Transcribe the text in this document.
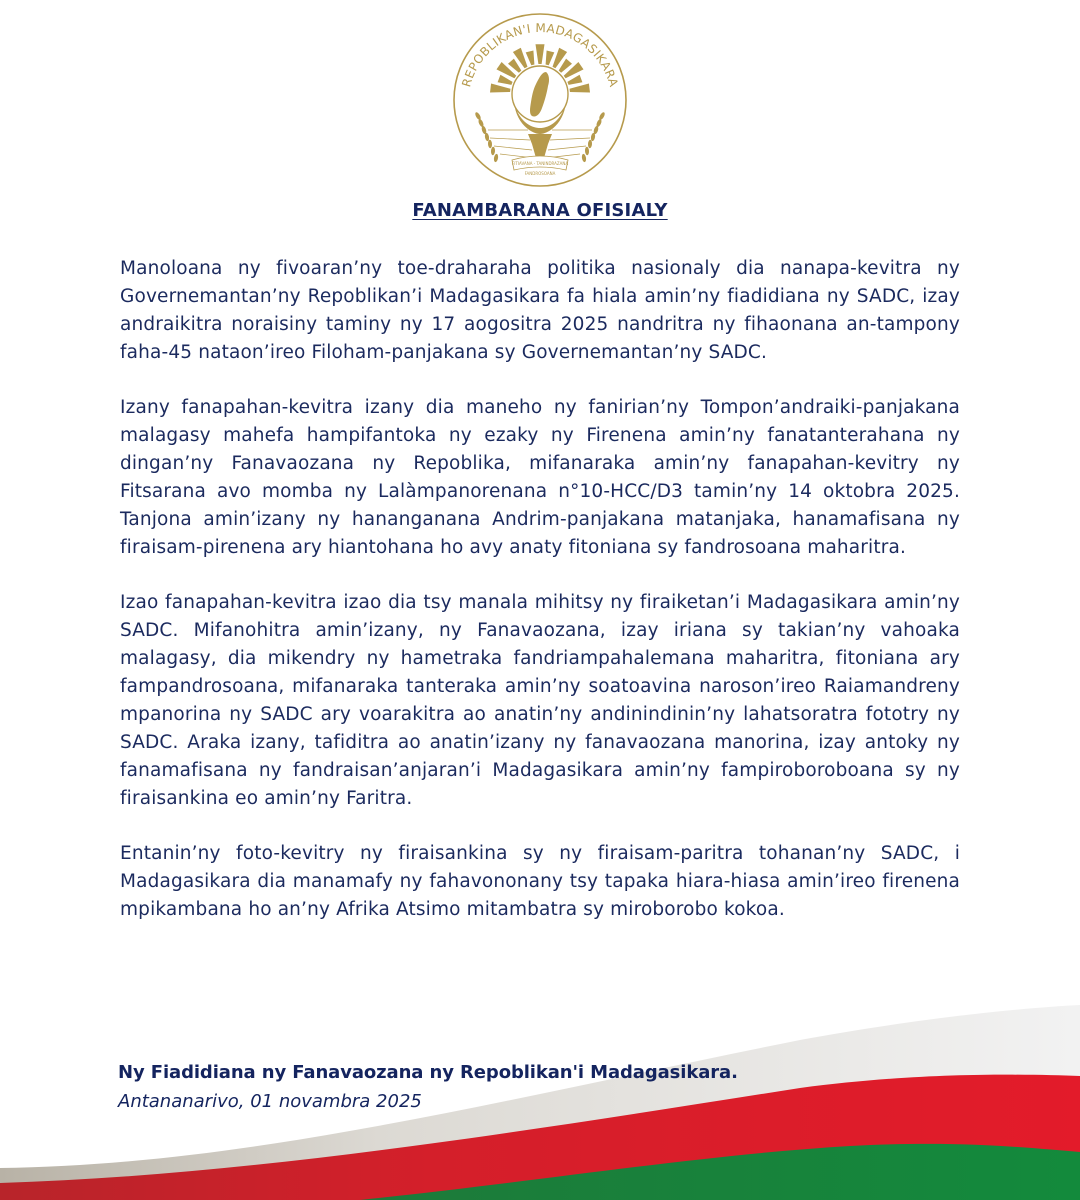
FITIAVANA - TANINDRAZANA
FANDROSOANA
REPOBLIKAN'I MADAGASIKARA
FANAMBARANA OFISIALY

Manoloana ny fivoaran’ny toe-draharaha politika nasionaly dia nanapa-kevitra ny Governemantan’ny Repoblikan’i Madagasikara fa hiala amin’ny fiadidiana ny SADC, izay andraikitra noraisiny taminy ny 17 aogositra 2025 nandritra ny fihaonana an-tampony faha-45 nataon’ireo Filoham-panjakana sy Governemantan’ny SADC.

Izany fanapahan-kevitra izany dia maneho ny fanirian’ny Tompon’andraiki-panjakana malagasy mahefa hampifantoka ny ezaky ny Firenena amin’ny fanatanterahana ny dingan’ny Fanavaozana ny Repoblika, mifanaraka amin’ny fanapahan-kevitry ny Fitsarana avo momba ny Lalàmpanorenana n°10-HCC/D3 tamin’ny 14 oktobra 2025. Tanjona amin’izany ny hananganana Andrim-panjakana matanjaka, hanamafisana ny firaisam-pirenena ary hiantohana ho avy anaty fitoniana sy fandrosoana maharitra.

Izao fanapahan-kevitra izao dia tsy manala mihitsy ny firaiketan’i Madagasikara amin’ny SADC. Mifanohitra amin’izany, ny Fanavaozana, izay iriana sy takian’ny vahoaka malagasy, dia mikendry ny hametraka fandriampahalemana maharitra, fitoniana ary fampandrosoana, mifanaraka tanteraka amin’ny soatoavina naroson’ireo Raiamandreny mpanorina ny SADC ary voarakitra ao anatin’ny andinindinin’ny lahatsoratra fototry ny SADC. Araka izany, tafiditra ao anatin’izany ny fanavaozana manorina, izay antoky ny fanamafisana ny fandraisan’anjaran’i Madagasikara amin’ny fampiroboroboana sy ny firaisankina eo amin’ny Faritra.

Entanin’ny foto-kevitry ny firaisankina sy ny firaisam-paritra tohanan’ny SADC, i Madagasikara dia manamafy ny fahavononany tsy tapaka hiara-hiasa amin’ireo firenena mpikambana ho an’ny Afrika Atsimo mitambatra sy miroborobo kokoa.

Ny Fiadidiana ny Fanavaozana ny Repoblikan'i Madagasikara.
Antananarivo, 01 novambra 2025
